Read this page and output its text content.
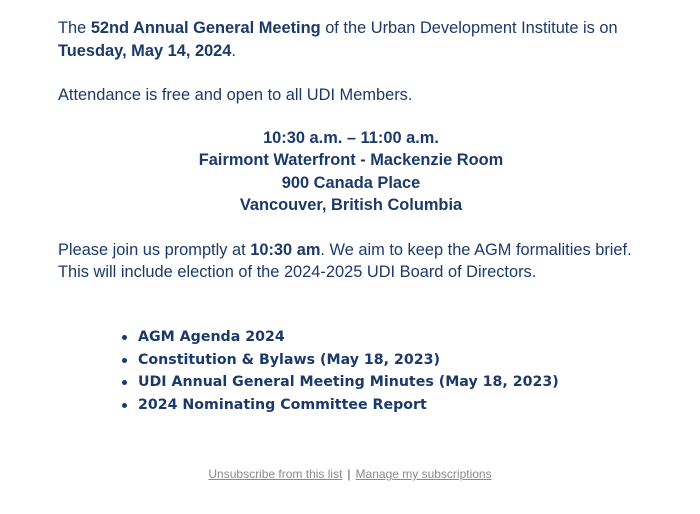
The 52nd Annual General Meeting of the Urban Development Institute is on Tuesday, May 14, 2024.

Attendance is free and open to all UDI Members.

10:30 a.m. – 11:00 a.m.
Fairmont Waterfront - Mackenzie Room
900 Canada Place
Vancouver, British Columbia

Please join us promptly at 10:30 am. We aim to keep the AGM formalities brief. This will include election of the 2024-2025 UDI Board of Directors.

AGM Agenda 2024
Constitution & Bylaws (May 18, 2023)
UDI Annual General Meeting Minutes (May 18, 2023)
2024 Nominating Committee Report
Unsubscribe from this list | Manage my subscriptions
